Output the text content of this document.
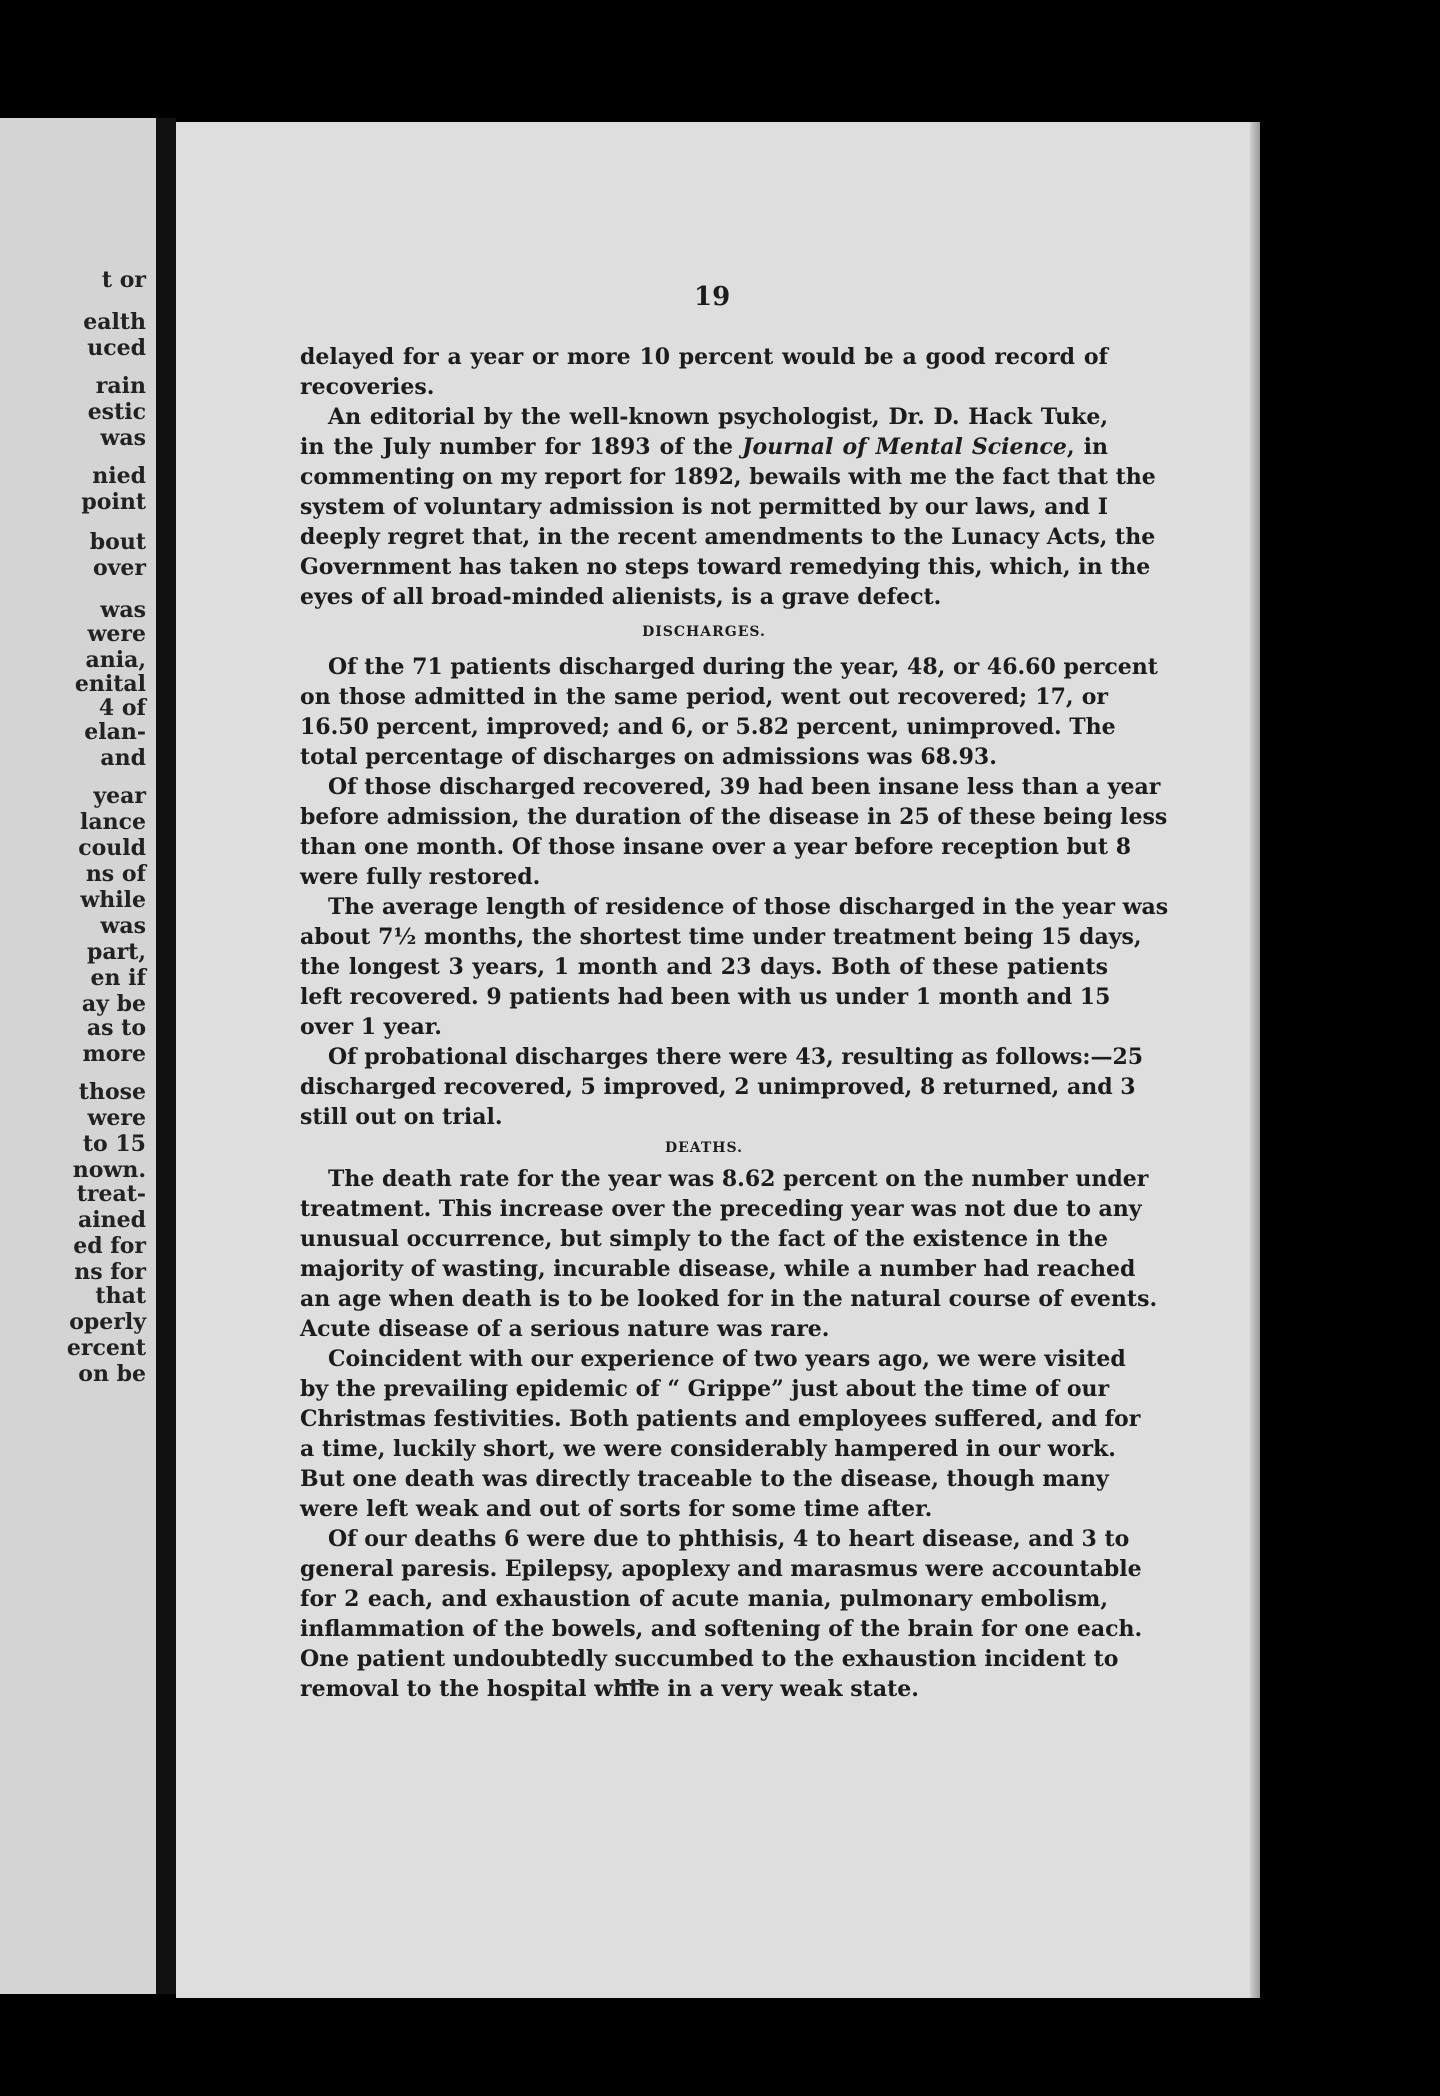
t or
ealth
uced
rain
estic
was
nied
point
bout
over
was
were
ania,
enital
4 of
elan-
and
year
lance
could
ns of
while
was
part,
en if
ay be
as to
more
those
were
to 15
nown.
treat-
ained
ed for
ns for
that
operly
ercent
on be
19
delayed for a year or more 10 percent would be a good record of
recoveries.
An editorial by the well-known psychologist, Dr. D. Hack Tuke,
in the July number for 1893 of the Journal of Mental Science, in
commenting on my report for 1892, bewails with me the fact that the
system of voluntary admission is not permitted by our laws, and I
deeply regret that, in the recent amendments to the Lunacy Acts, the
Government has taken no steps toward remedying this, which, in the
eyes of all broad-minded alienists, is a grave defect.
DISCHARGES.
Of the 71 patients discharged during the year, 48, or 46.60 percent
on those admitted in the same period, went out recovered; 17, or
16.50 percent, improved; and 6, or 5.82 percent, unimproved. The
total percentage of discharges on admissions was 68.93.
Of those discharged recovered, 39 had been insane less than a year
before admission, the duration of the disease in 25 of these being less
than one month. Of those insane over a year before reception but 8
were fully restored.
The average length of residence of those discharged in the year was
about 7½ months, the shortest time under treatment being 15 days,
the longest 3 years, 1 month and 23 days. Both of these patients
left recovered. 9 patients had been with us under 1 month and 15
over 1 year.
Of probational discharges there were 43, resulting as follows:—25
discharged recovered, 5 improved, 2 unimproved, 8 returned, and 3
still out on trial.
DEATHS.
The death rate for the year was 8.62 percent on the number under
treatment. This increase over the preceding year was not due to any
unusual occurrence, but simply to the fact of the existence in the
majority of wasting, incurable disease, while a number had reached
an age when death is to be looked for in the natural course of events.
Acute disease of a serious nature was rare.
Coincident with our experience of two years ago, we were visited
by the prevailing epidemic of “ Grippe” just about the time of our
Christmas festivities. Both patients and employees suffered, and for
a time, luckily short, we were considerably hampered in our work.
But one death was directly traceable to the disease, though many
were left weak and out of sorts for some time after.
Of our deaths 6 were due to phthisis, 4 to heart disease, and 3 to
general paresis. Epilepsy, apoplexy and marasmus were accountable
for 2 each, and exhaustion of acute mania, pulmonary embolism,
inflammation of the bowels, and softening of the brain for one each.
One patient undoubtedly succumbed to the exhaustion incident to
removal to the hospital while in a very weak state.
